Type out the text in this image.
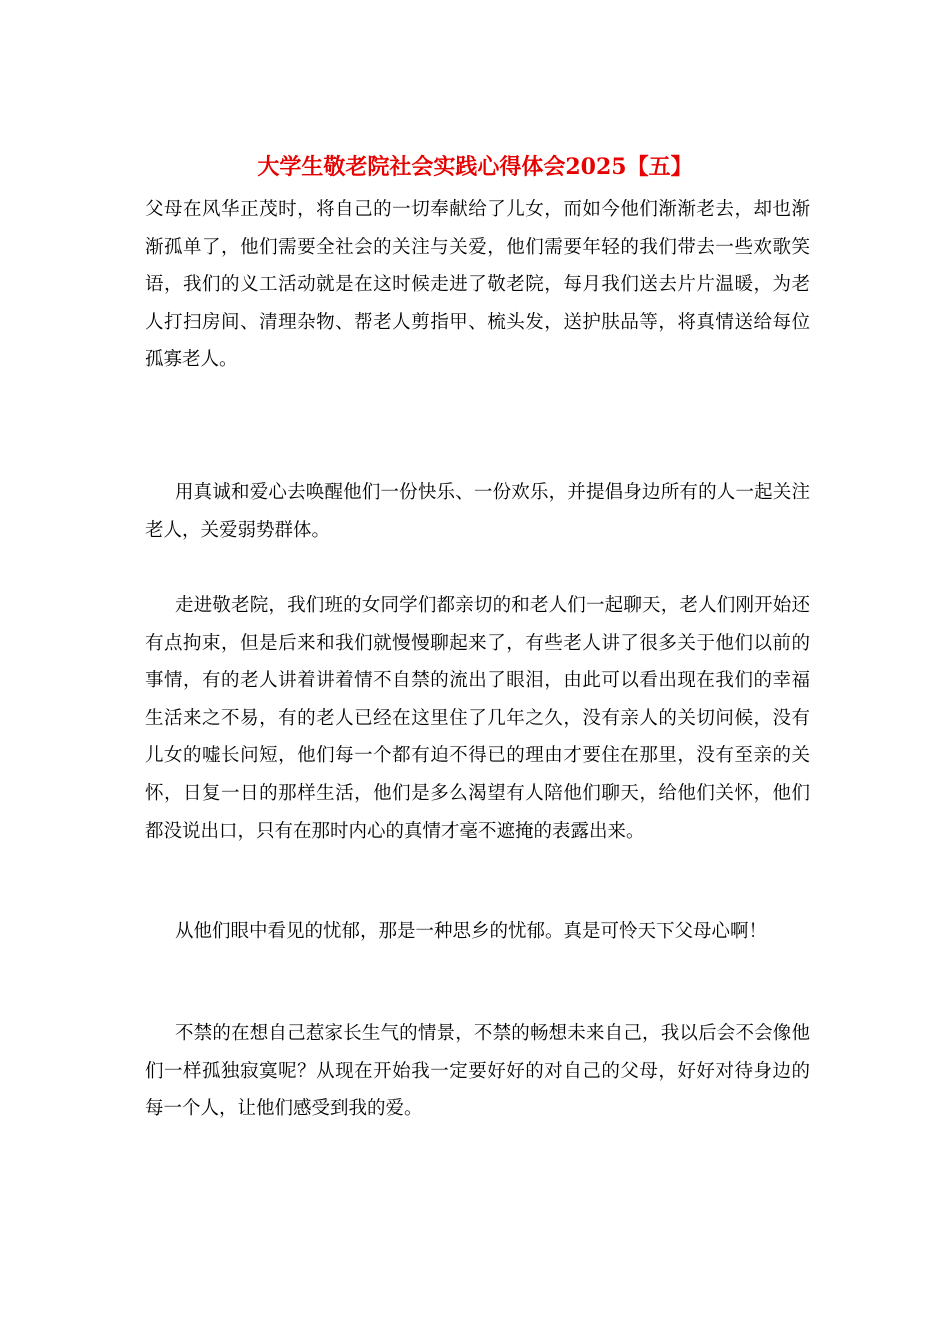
大学生敬老院社会实践心得体会2025【五】

父母在风华正茂时，将自己的一切奉献给了儿女，而如今他们渐渐老去，却也渐渐孤单了，他们需要全社会的关注与关爱，他们需要年轻的我们带去一些欢歌笑语，我们的义工活动就是在这时候走进了敬老院，每月我们送去片片温暖，为老人打扫房间、清理杂物、帮老人剪指甲、梳头发，送护肤品等，将真情送给每位孤寡老人。

用真诚和爱心去唤醒他们一份快乐、一份欢乐，并提倡身边所有的人一起关注老人，关爱弱势群体。

走进敬老院，我们班的女同学们都亲切的和老人们一起聊天，老人们刚开始还有点拘束，但是后来和我们就慢慢聊起来了，有些老人讲了很多关于他们以前的事情，有的老人讲着讲着情不自禁的流出了眼泪，由此可以看出现在我们的幸福生活来之不易，有的老人已经在这里住了几年之久，没有亲人的关切问候，没有儿女的嘘长问短，他们每一个都有迫不得已的理由才要住在那里，没有至亲的关怀，日复一日的那样生活，他们是多么渴望有人陪他们聊天，给他们关怀，他们都没说出口，只有在那时内心的真情才毫不遮掩的表露出来。

从他们眼中看见的忧郁，那是一种思乡的忧郁。真是可怜天下父母心啊！

不禁的在想自己惹家长生气的情景，不禁的畅想未来自己，我以后会不会像他们一样孤独寂寞呢？从现在开始我一定要好好的对自己的父母，好好对待身边的每一个人，让他们感受到我的爱。
